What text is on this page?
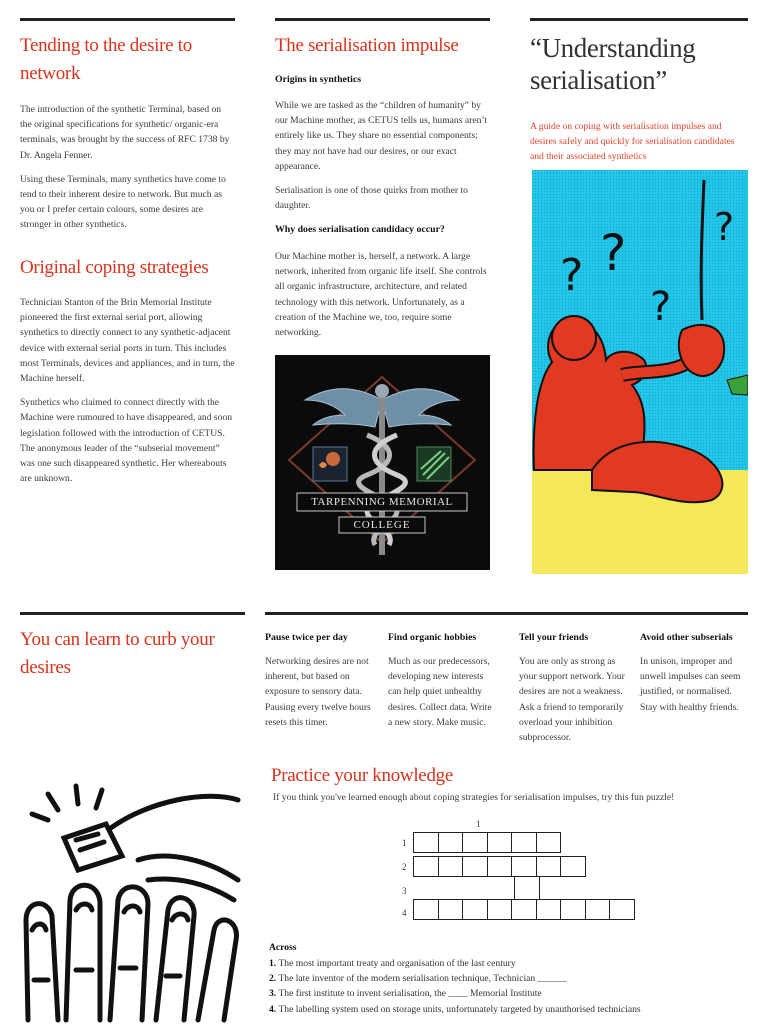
Tending to the desire to network

The introduction of the synthetic Terminal, based on the original specifications for synthetic/ organic-era terminals, was brought by the success of RFC 1738 by Dr. Angela Fenner.

Using these Terminals, many synthetics have come to tend to their inherent desire to network. But much as you or I prefer certain colours, some desires are stronger in other synthetics.

Original coping strategies

Technician Stanton of the Brin Memorial Institute pioneered the first external serial port, allowing synthetics to directly connect to any synthetic-adjacent device with external serial ports in turn. This includes most Terminals, devices and appliances, and in turn, the Machine herself.

Synthetics who claimed to connect directly with the Machine were rumoured to have disappeared, and soon legislation followed with the introduction of CETUS. The anonymous leader of the “subserial movement” was one such disappeared synthetic. Her whereabouts are unknown.

The serialisation impulse
Origins in synthetics

While we are tasked as the “children of humanity” by our Machine mother, as CETUS tells us, humans aren’t entirely like us. They share no essential components; they may not have had our desires, or our exact appearance.

Serialisation is one of those quirks from mother to daughter.

Why does serialisation candidacy occur?

Our Machine mother is, herself, a network. A large network, inherited from organic life itself. She controls all organic infrastructure, architecture, and related technology with this network. Unfortunately, as a creation of the Machine we, too, require some networking.

TARPENNING MEMORIAL
COLLEGE
“Understanding serialisation”
A guide on coping with serialisation impulses and desires safely and quickly for serialisation candidates and their associated synthetics
? ?
?
?
You can learn to curb your desires
Pause twice per day
Networking desires are not inherent, but based on exposure to sensory data. Pausing every twelve hours resets this timer.
Find organic hobbies
Much as our predecessors, developing new interests can help quiet unhealthy desires. Collect data. Write a new story. Make music.
Tell your friends
You are only as strong as your support network. Your desires are not a weakness. Ask a friend to temporarily overload your inhibition subprocessor.
Avoid other subserials
In unison, improper and unwell impulses can seem justified, or normalised. Stay with healthy friends.
Practice your knowledge
If you think you've learned enough about coping strategies for serialisation impulses, try this fun puzzle!
1
1
2
3
4
Across
1. The most important treaty and organisation of the last century
2. The late inventor of the modern serialisation technique, Technician ______
3. The first institute to invent serialisation, the ____ Memorial Institute
4. The labelling system used on storage units, unfortunately targeted by unauthorised technicians
